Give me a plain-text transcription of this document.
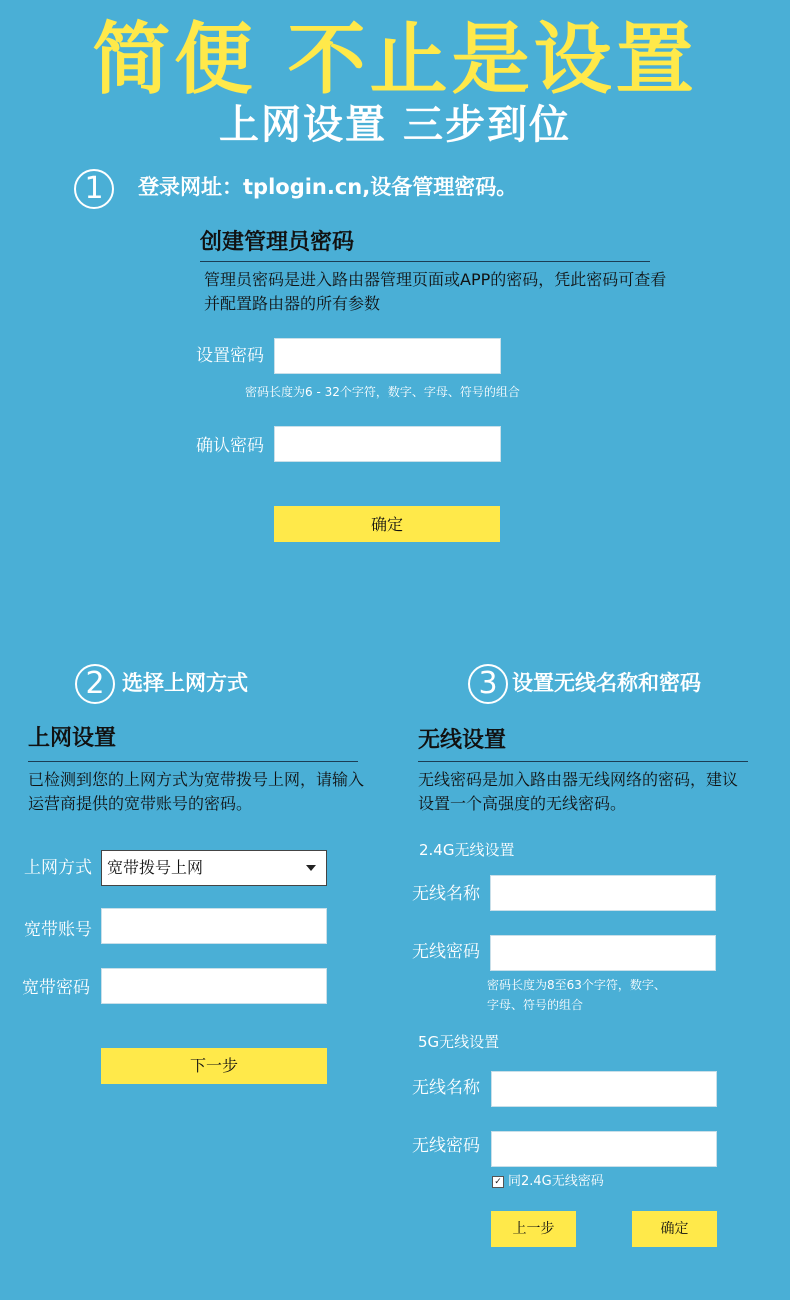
简便 不止是设置
上网设置 三步到位
1	登录网址：tplogin.cn,设备管理密码。
创建管理员密码
管理员密码是进入路由器管理页面或APP的密码，凭此密码可查看
并配置路由器的所有参数
设置密码
密码长度为6 - 32个字符，数字、字母、符号的组合
确认密码
确定
2 选择上网方式
上网设置
已检测到您的上网方式为宽带拨号上网，请输入
运营商提供的宽带账号的密码。
上网方式 宽带拨号上网
宽带账号
宽带密码
下一步
3 设置无线名称和密码
无线设置
无线密码是加入路由器无线网络的密码，建议
设置一个高强度的无线密码。
2.4G无线设置
无线名称
无线密码
密码长度为8至63个字符，数字、
字母、符号的组合
5G无线设置
无线名称
无线密码
✓ 同2.4G无线密码
上一步	确定
